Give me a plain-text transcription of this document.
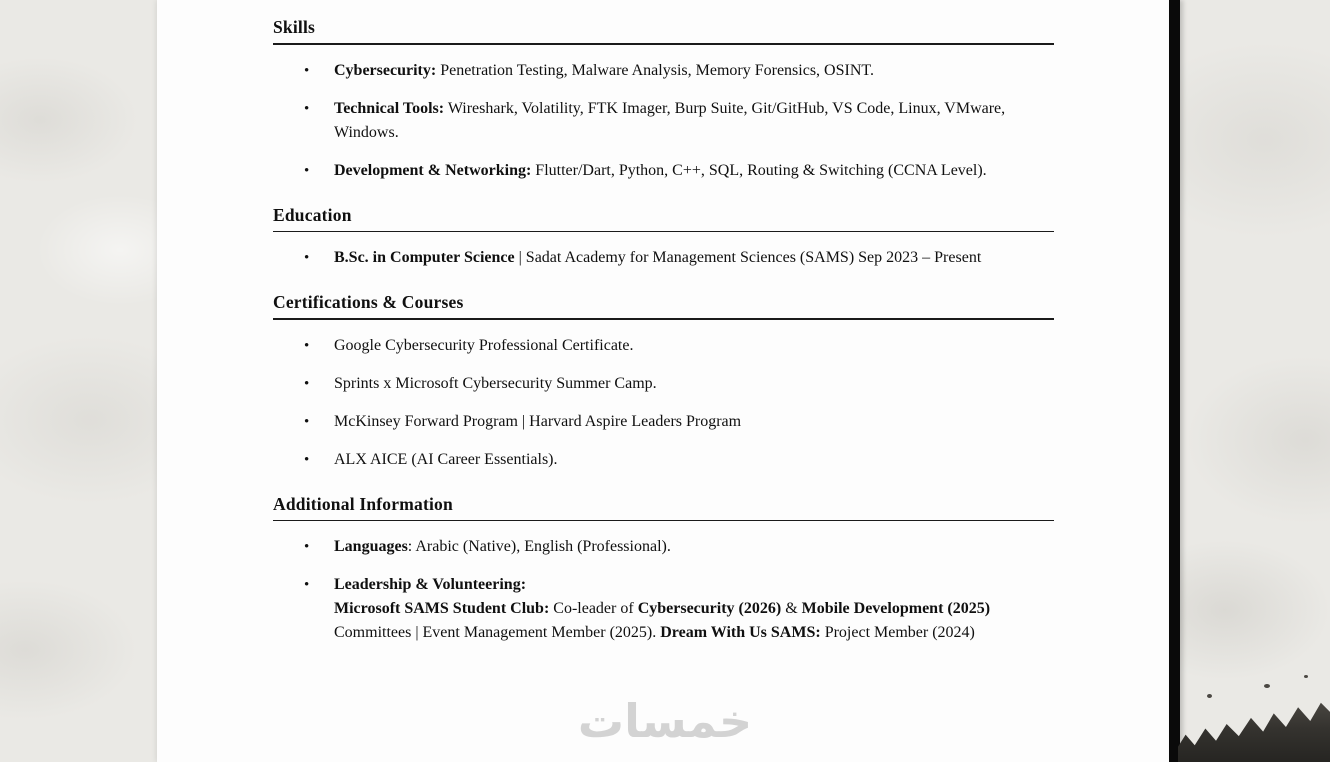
Skills
• Cybersecurity: Penetration Testing, Malware Analysis, Memory Forensics, OSINT.
• Technical Tools: Wireshark, Volatility, FTK Imager, Burp Suite, Git/GitHub, VS Code, Linux, VMware, Windows.
• Development & Networking: Flutter/Dart, Python, C++, SQL, Routing & Switching (CCNA Level).
Education
• B.Sc. in Computer Science | Sadat Academy for Management Sciences (SAMS) Sep 2023 – Present
Certifications & Courses
• Google Cybersecurity Professional Certificate.
• Sprints x Microsoft Cybersecurity Summer Camp.
• McKinsey Forward Program | Harvard Aspire Leaders Program
• ALX AICE (AI Career Essentials).
Additional Information
• Languages: Arabic (Native), English (Professional).
• Leadership & Volunteering:
Microsoft SAMS Student Club: Co-leader of Cybersecurity (2026) & Mobile Development (2025) Committees | Event Management Member (2025). Dream With Us SAMS: Project Member (2024)
خمسات
